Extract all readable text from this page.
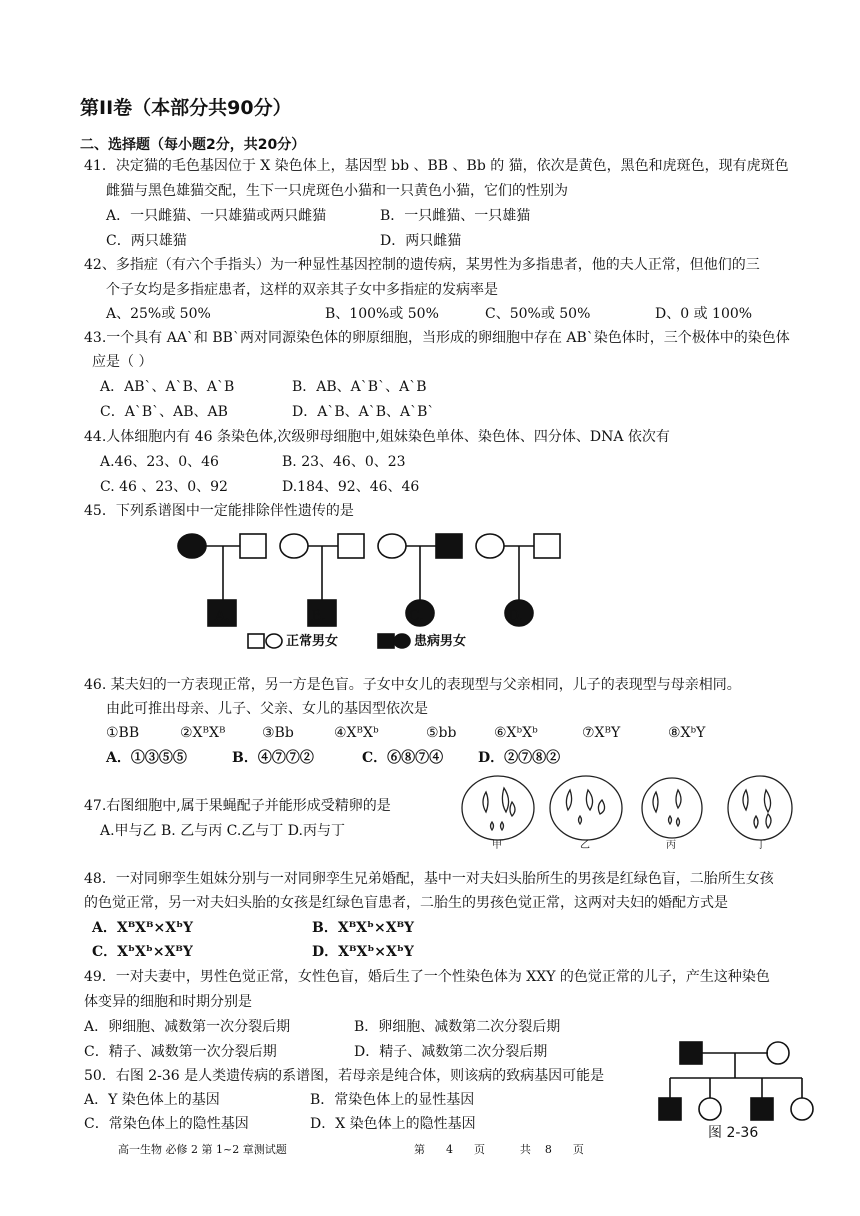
第II卷（本部分共90分）
二、选择题（每小题2分，共20分）
41．决定猫的毛色基因位于 X 染色体上，基因型 bb 、BB 、Bb 的 猫，依次是黄色，黑色和虎斑色，现有虎斑色
雌猫与黑色雄猫交配，生下一只虎斑色小猫和一只黄色小猫，它们的性别为
A．一只雌猫、一只雄猫或两只雌猫	B．一只雌猫、一只雄猫
C．两只雄猫	D．两只雌猫
42、多指症（有六个手指头）为一种显性基因控制的遗传病，某男性为多指患者，他的夫人正常，但他们的三
个子女均是多指症患者，这样的双亲其子女中多指症的发病率是
A、25%或 50%	B、100%或 50%	C、50%或 50%	D、0 或 100%
43.一个具有 AA`和 BB`两对同源染色体的卵原细胞，当形成的卵细胞中存在 AB`染色体时，三个极体中的染色体
应是（ ）
A．AB`、A`B、A`B	B．AB、A`B`、A`B
C．A`B`、AB、AB	D．A`B、A`B、A`B`
44.人体细胞内有 46 条染色体,次级卵母细胞中,姐妹染色单体、染色体、四分体、DNA 依次有
A.46、23、0、46	B. 23、46、0、23
C. 46 、23、0、92	D.184、92、46、46
45．下列系谱图中一定能排除伴性遗传的是
A.	B.	C.	D.
正常男女	患病男女
46. 某夫妇的一方表现正常，另一方是色盲。子女中女儿的表现型与父亲相同，儿子的表现型与母亲相同。
由此可推出母亲、儿子、父亲、女儿的基因型依次是
①BB	②XᴮXᴮ	③Bb	④XᴮXᵇ	⑤bb	⑥XᵇXᵇ	⑦XᴮY	⑧XᵇY
A．①③⑤⑤	B．④⑦⑦②	C．⑥⑧⑦④ D．②⑦⑧②
47.右图细胞中,属于果蝇配子并能形成受精卵的是
A.甲与乙 B. 乙与丙 C.乙与丁 D.丙与丁
甲	乙	丙	丁
48．一对同卵孪生姐妹分别与一对同卵孪生兄弟婚配，基中一对夫妇头胎所生的男孩是红绿色盲，二胎所生女孩
的色觉正常，另一对夫妇头胎的女孩是红绿色盲患者，二胎生的男孩色觉正常，这两对夫妇的婚配方式是
A．XᴮXᴮ×XᵇY	B．XᴮXᵇ×XᴮY
C．XᵇXᵇ×XᴮY	D．XᴮXᵇ×XᵇY
49．一对夫妻中，男性色觉正常，女性色盲，婚后生了一个性染色体为 XXY 的色觉正常的儿子，产生这种染色
体变异的细胞和时期分别是
A．卵细胞、减数第一次分裂后期	B．卵细胞、减数第二次分裂后期
C．精子、减数第一次分裂后期	D．精子、减数第二次分裂后期
50．右图 2-36 是人类遗传病的系谱图，若母亲是纯合体，则该病的致病基因可能是
A．Y 染色体上的基因	B．常染色体上的显性基因
C．常染色体上的隐性基因	D．X 染色体上的隐性基因
图 2-36
高一生物 必修 2 第 1~2 章测试题	第      4      页          共    8      页
